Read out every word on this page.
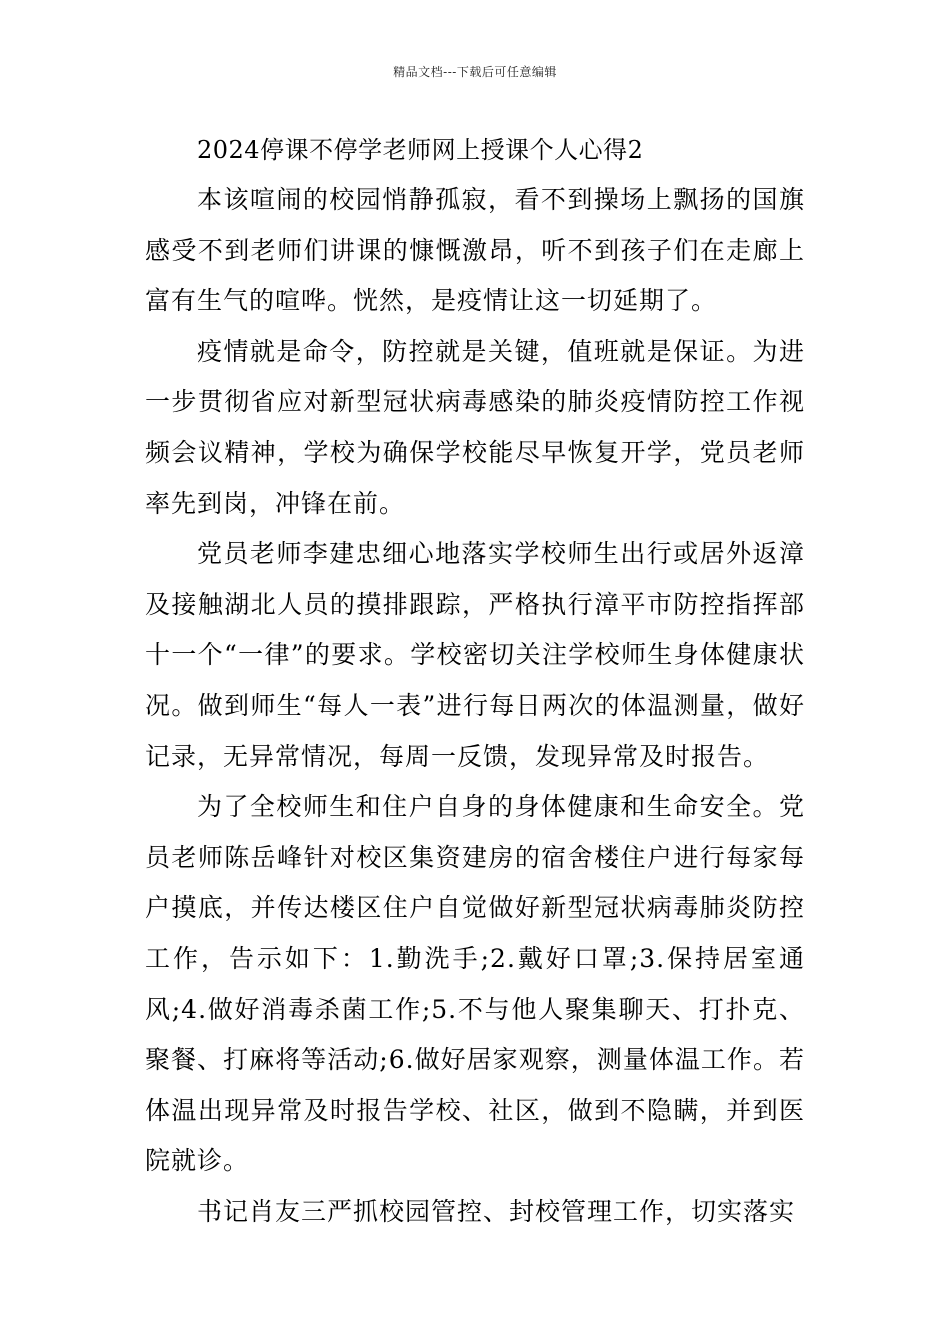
精品文档---下载后可任意编辑
2024停课不停学老师网上授课个人心得2

本该喧闹的校园悄静孤寂，看不到操场上飘扬的国旗感受不到老师们讲课的慷慨激昂，听不到孩子们在走廊上富有生气的喧哗。恍然，是疫情让这一切延期了。

疫情就是命令，防控就是关键，值班就是保证。为进一步贯彻省应对新型冠状病毒感染的肺炎疫情防控工作视频会议精神，学校为确保学校能尽早恢复开学，党员老师率先到岗，冲锋在前。

党员老师李建忠细心地落实学校师生出行或居外返漳及接触湖北人员的摸排跟踪，严格执行漳平市防控指挥部十一个“一律”的要求。学校密切关注学校师生身体健康状况。做到师生“每人一表”进行每日两次的体温测量，做好记录，无异常情况，每周一反馈，发现异常及时报告。

为了全校师生和住户自身的身体健康和生命安全。党员老师陈岳峰针对校区集资建房的宿舍楼住户进行每家每户摸底，并传达楼区住户自觉做好新型冠状病毒肺炎防控工作，告示如下：1.勤洗手;2.戴好口罩;3.保持居室通风;4.做好消毒杀菌工作;5.不与他人聚集聊天、打扑克、聚餐、打麻将等活动;6.做好居家观察，测量体温工作。若体温出现异常及时报告学校、社区，做到不隐瞒，并到医院就诊。

书记肖友三严抓校园管控、封校管理工作，切实落实
